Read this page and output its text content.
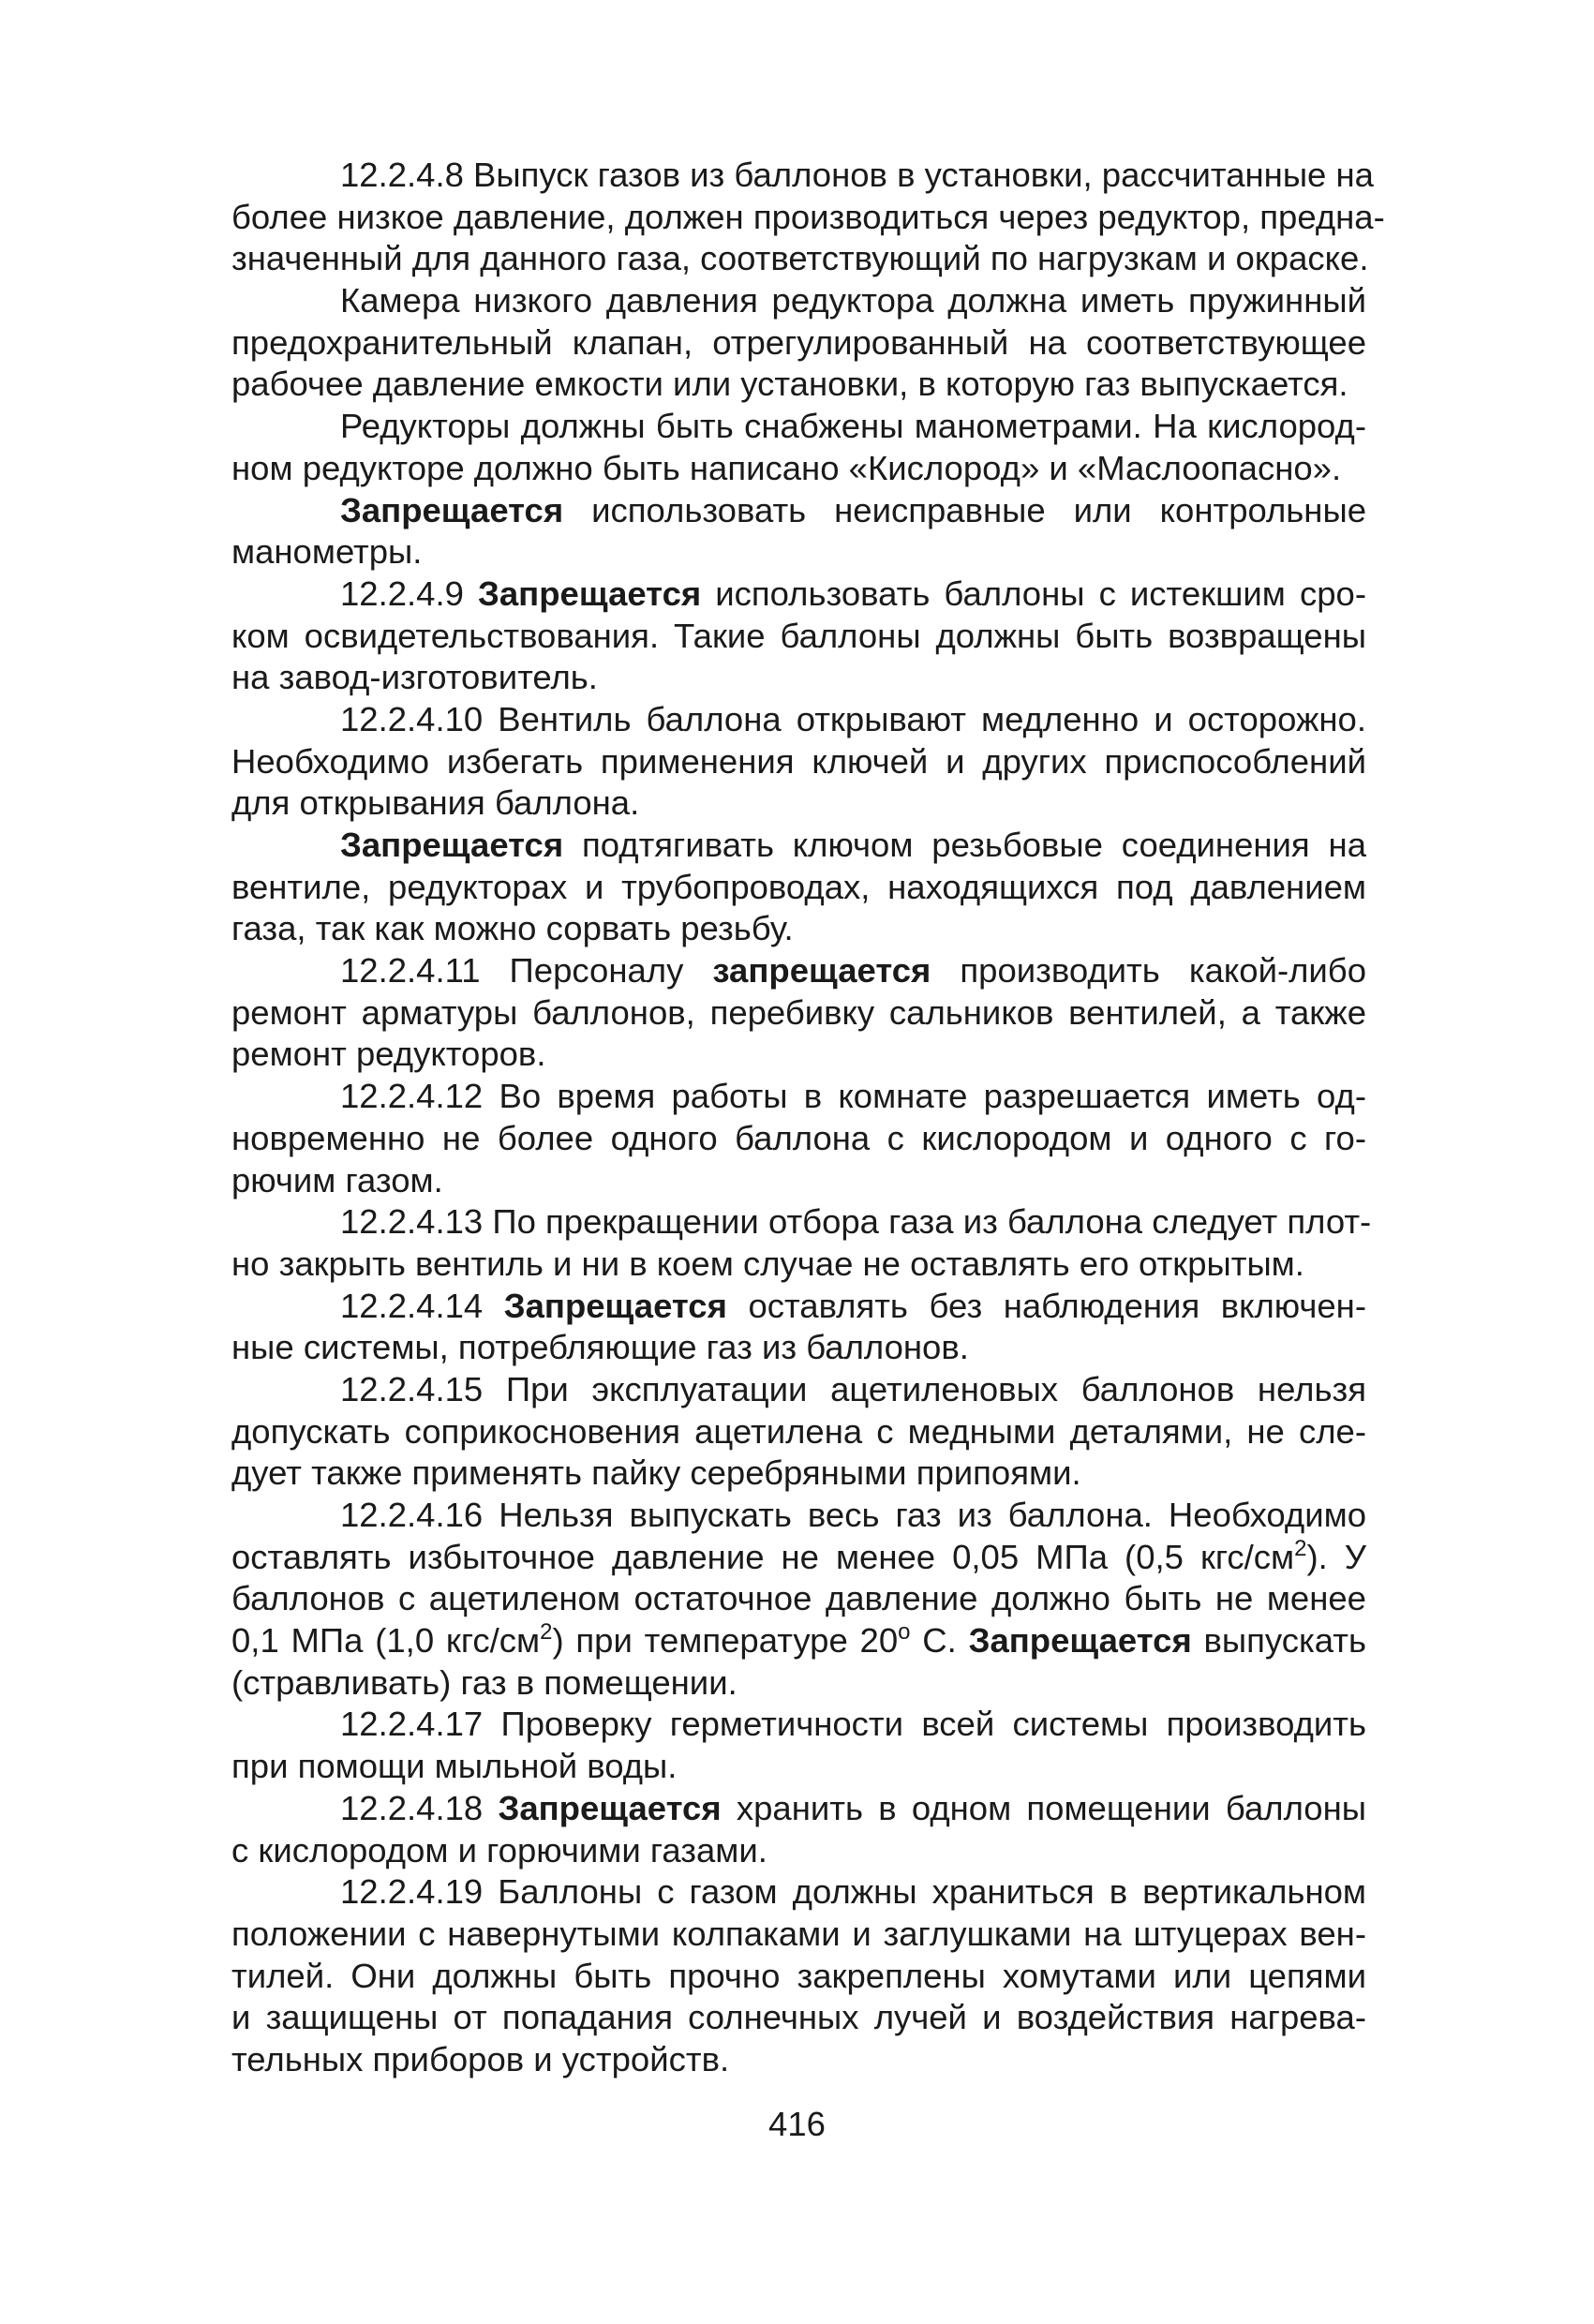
12.2.4.8 Выпуск газов из баллонов в установки, рассчитанные на
более низкое давление, должен производиться через редуктор, предна-
значенный для данного газа, соответствующий по нагрузкам и окраске.
Камера низкого давления редуктора должна иметь пружинный
предохранительный клапан, отрегулированный на соответствующее
рабочее давление емкости или установки, в которую газ выпускается.
Редукторы должны быть снабжены манометрами. На кислород-
ном редукторе должно быть написано «Кислород» и «Маслоопасно».
Запрещается использовать неисправные или контрольные
манометры.
12.2.4.9 Запрещается использовать баллоны с истекшим сро-
ком освидетельствования. Такие баллоны должны быть возвращены
на завод-изготовитель.
12.2.4.10 Вентиль баллона открывают медленно и осторожно.
Необходимо избегать применения ключей и других приспособлений
для открывания баллона.
Запрещается подтягивать ключом резьбовые соединения на
вентиле, редукторах и трубопроводах, находящихся под давлением
газа, так как можно сорвать резьбу.
12.2.4.11 Персоналу запрещается производить какой-либо
ремонт арматуры баллонов, перебивку сальников вентилей, а также
ремонт редукторов.
12.2.4.12 Во время работы в комнате разрешается иметь од-
новременно не более одного баллона с кислородом и одного с го-
рючим газом.
12.2.4.13 По прекращении отбора газа из баллона следует плот-
но закрыть вентиль и ни в коем случае не оставлять его открытым.
12.2.4.14 Запрещается оставлять без наблюдения включен-
ные системы, потребляющие газ из баллонов.
12.2.4.15 При эксплуатации ацетиленовых баллонов нельзя
допускать соприкосновения ацетилена с медными деталями, не сле-
дует также применять пайку серебряными припоями.
12.2.4.16 Нельзя выпускать весь газ из баллона. Необходимо
оставлять избыточное давление не менее 0,05 МПа (0,5 кгс/$см^2$). У
баллонов с ацетиленом остаточное давление должно быть не менее
0,1 МПа (1,0 кгс/$см^2$) при температуре $20^о$ С. Запрещается выпускать
(стравливать) газ в помещении.
12.2.4.17 Проверку герметичности всей системы производить
при помощи мыльной воды.
12.2.4.18 Запрещается хранить в одном помещении баллоны
с кислородом и горючими газами.
12.2.4.19 Баллоны с газом должны храниться в вертикальном
положении с навернутыми колпаками и заглушками на штуцерах вен-
тилей. Они должны быть прочно закреплены хомутами или цепями
и защищены от попадания солнечных лучей и воздействия нагрева-
тельных приборов и устройств.
416
